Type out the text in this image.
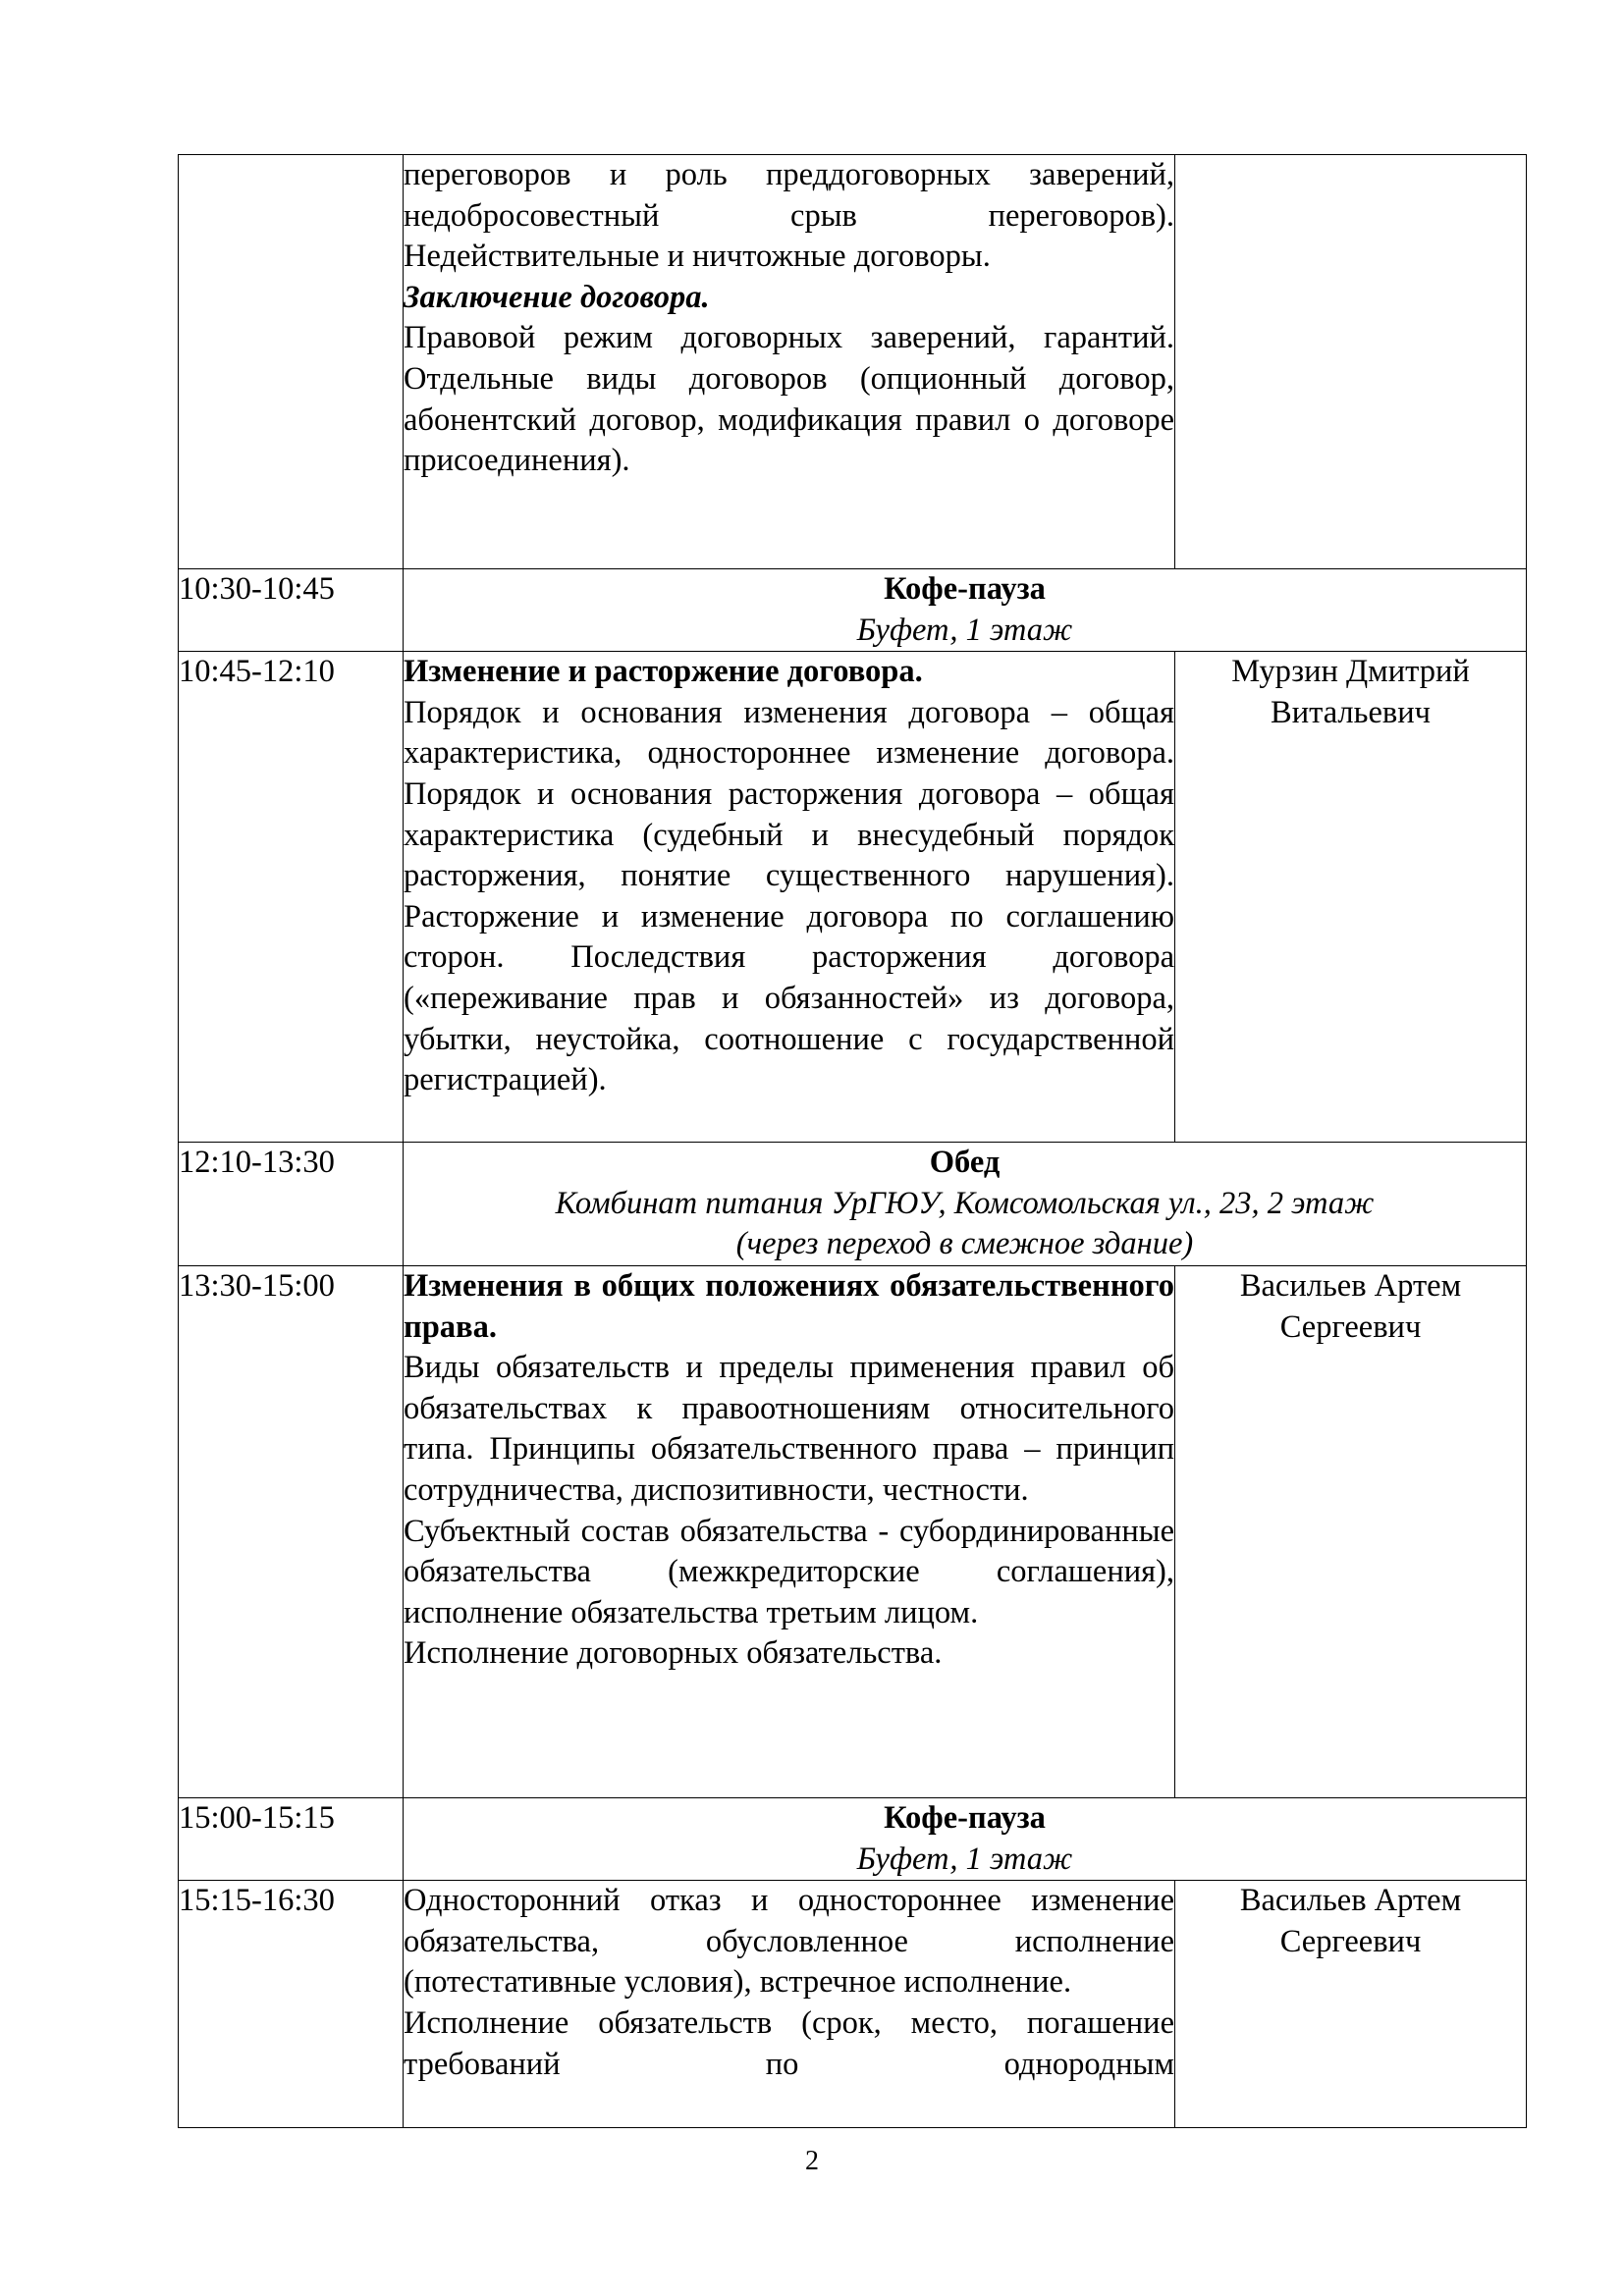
	переговоров и роль преддоговорных заверений, недобросовестный срыв переговоров). Недействительные и ничтожные договоры.
Заключение договора.
Правовой режим договорных заверений, гарантий. Отдельные виды договоров (опционный договор, абонентский договор, модификация правил о договоре присоединения).	

10:30-10:45	Кофе-пауза
Буфет, 1 этаж	

10:45-12:10	Изменение и расторжение договора.
Порядок и основания изменения договора – общая характеристика, одностороннее изменение договора. Порядок и основания расторжения договора – общая характеристика (судебный и внесудебный порядок расторжения, понятие существенного нарушения). Расторжение и изменение договора по соглашению сторон. Последствия расторжения договора («переживание прав и обязанностей» из договора, убытки, неустойка, соотношение с государственной регистрацией).	Мурзин Дмитрий Витальевич
12:10-13:30	Обед
Комбинат питания УрГЮУ, Комсомольская ул., 23, 2 этаж
(через переход в смежное здание)	

13:30-15:00	Изменения в общих положениях обязательственного права.
Виды обязательств и пределы применения правил об обязательствах к правоотношениям относительного типа. Принципы обязательственного права – принцип сотрудничества, диспозитивности, честности.
Субъектный состав обязательства - субординированные обязательства (межкредиторские соглашения), исполнение обязательства третьим лицом.
Исполнение договорных обязательства.	Васильев Артем Сергеевич
15:00-15:15	Кофе-пауза
Буфет, 1 этаж	

15:15-16:30	Односторонний отказ и одностороннее изменение обязательства, обусловленное исполнение (потестативные условия), встречное исполнение.
Исполнение обязательств (срок, место, погашение требований по однородным	Васильев Артем Сергеевич
2
